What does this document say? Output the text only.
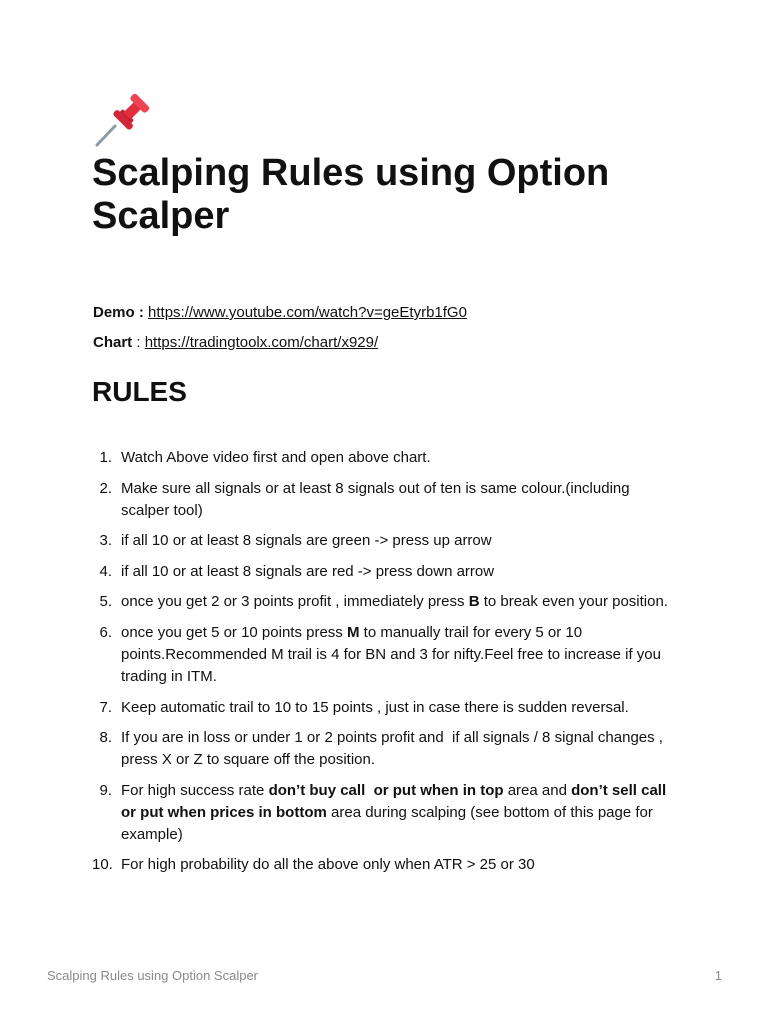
Scalping Rules using Option Scalper
Demo : https://www.youtube.com/watch?v=geEtyrb1fG0
Chart : https://tradingtoolx.com/chart/x929/
RULES
1. Watch Above video first and open above chart.
2. Make sure all signals or at least 8 signals out of ten is same colour.(including scalper tool)
3. if all 10 or at least 8 signals are green -> press up arrow
4. if all 10 or at least 8 signals are red -> press down arrow
5. once you get 2 or 3 points profit , immediately press B to break even your position.
6. once you get 5 or 10 points press M to manually trail for every 5 or 10 points.Recommended M trail is 4 for BN and 3 for nifty.Feel free to increase if you trading in ITM.
7. Keep automatic trail to 10 to 15 points , just in case there is sudden reversal.
8. If you are in loss or under 1 or 2 points profit and  if all signals / 8 signal changes , press X or Z to square off the position.
9. For high success rate don’t buy call  or put when in top area and don’t sell call or put when prices in bottom area during scalping (see bottom of this page for example)
10. For high probability do all the above only when ATR > 25 or 30
Scalping Rules using Option Scalper	1
